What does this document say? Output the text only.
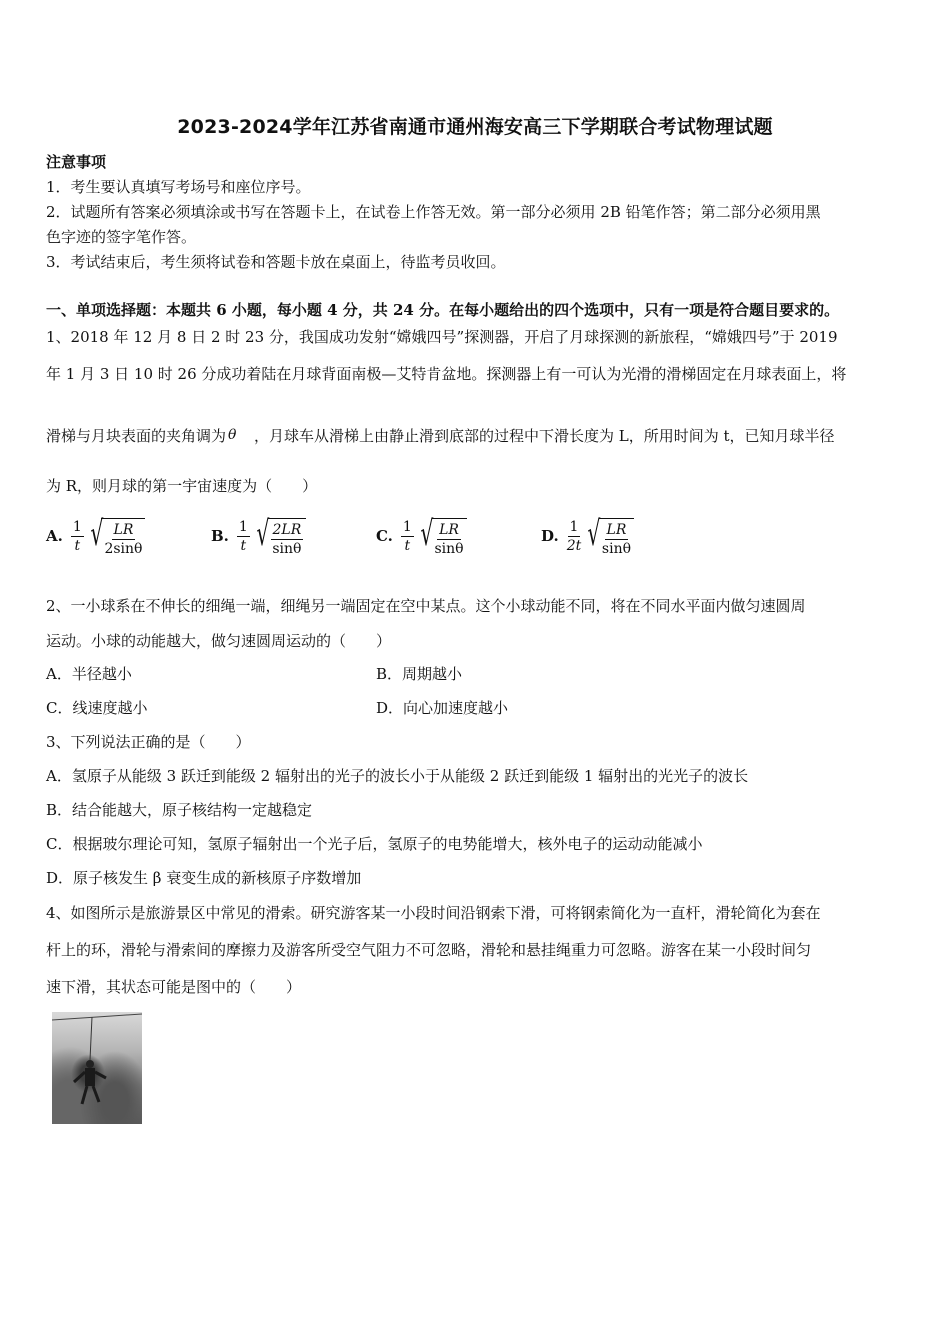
2023-2024学年江苏省南通市通州海安高三下学期联合考试物理试题
注意事项
1．考生要认真填写考场号和座位序号。
2．试题所有答案必须填涂或书写在答题卡上，在试卷上作答无效。第一部分必须用 2B 铅笔作答；第二部分必须用黑
色字迹的签字笔作答。
3．考试结束后，考生须将试卷和答题卡放在桌面上，待监考员收回。
一、单项选择题：本题共 6 小题，每小题 4 分，共 24 分。在每小题给出的四个选项中，只有一项是符合题目要求的。
1、2018 年 12 月 8 日 2 时 23 分，我国成功发射“嫦娥四号”探测器，开启了月球探测的新旅程，“嫦娥四号”于 2019
年 1 月 3 日 10 时 26 分成功着陆在月球背面南极—艾特肯盆地。探测器上有一可认为光滑的滑梯固定在月球表面上，将
滑梯与月块表面的夹角调为 θ ，月球车从滑梯上由静止滑到底部的过程中下滑长度为 L，所用时间为 t，已知月球半径
为 R，则月球的第一宇宙速度为（　　）
A. $\frac{1}{t}$ √
$\frac{LR}{2\sin\theta}$	B. $\frac{1}{t}$ √
$\frac{2LR}{\sin\theta}$	C. $\frac{1}{t}$ √
$\frac{LR}{\sin\theta}$	D. $\frac{1}{2t}$ √
$\frac{LR}{\sin\theta}$
2、一小球系在不伸长的细绳一端，细绳另一端固定在空中某点。这个小球动能不同，将在不同水平面内做匀速圆周
运动。小球的动能越大，做匀速圆周运动的（　　）
A．半径越小	B．周期越小
C．线速度越小	D．向心加速度越小
3、下列说法正确的是（　　）
A．氢原子从能级 3 跃迁到能级 2 辐射出的光子的波长小于从能级 2 跃迁到能级 1 辐射出的光光子的波长
B．结合能越大，原子核结构一定越稳定
C．根据玻尔理论可知，氢原子辐射出一个光子后，氢原子的电势能增大，核外电子的运动动能减小
D．原子核发生 β 衰变生成的新核原子序数增加
4、如图所示是旅游景区中常见的滑索。研究游客某一小段时间沿钢索下滑，可将钢索简化为一直杆，滑轮简化为套在
杆上的环，滑轮与滑索间的摩擦力及游客所受空气阻力不可忽略，滑轮和悬挂绳重力可忽略。游客在某一小段时间匀
速下滑，其状态可能是图中的（　　）
